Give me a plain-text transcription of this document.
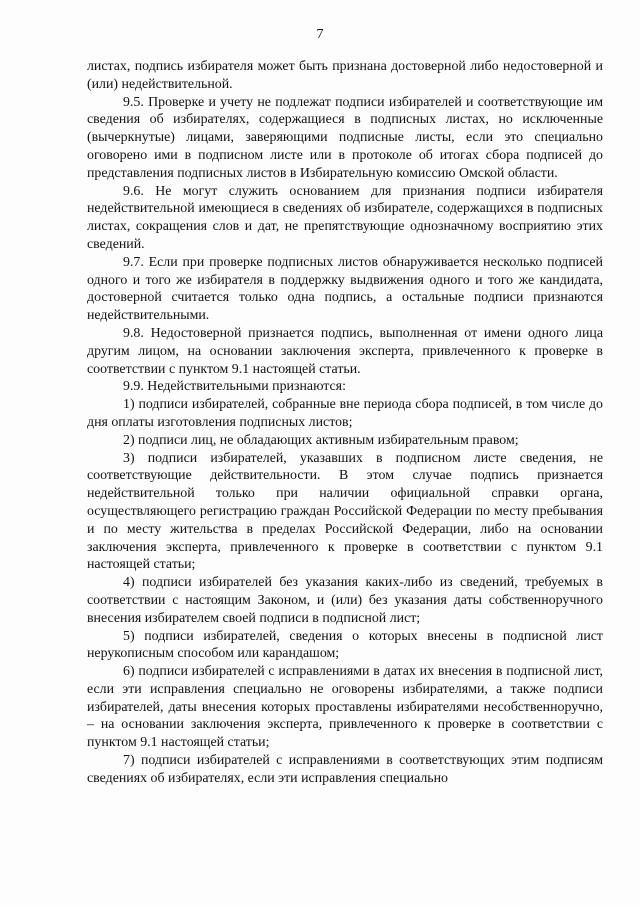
7

листах, подпись избирателя может быть признана достоверной либо недостоверной и (или) недействительной.

9.5. Проверке и учету не подлежат подписи избирателей и соответствующие им сведения об избирателях, содержащиеся в подписных листах, но исключенные (вычеркнутые) лицами, заверяющими подписные листы, если это специально оговорено ими в подписном листе или в протоколе об итогах сбора подписей до представления подписных листов в Избирательную комиссию Омской области.

9.6. Не могут служить основанием для признания подписи избирателя недействительной имеющиеся в сведениях об избирателе, содержащихся в подписных листах, сокращения слов и дат, не препятствующие однозначному восприятию этих сведений.

9.7. Если при проверке подписных листов обнаруживается несколько подписей одного и того же избирателя в поддержку выдвижения одного и того же кандидата, достоверной считается только одна подпись, а остальные подписи признаются недействительными.

9.8. Недостоверной признается подпись, выполненная от имени одного лица другим лицом, на основании заключения эксперта, привлеченного к проверке в соответствии с пунктом 9.1 настоящей статьи.

9.9. Недействительными признаются:

1) подписи избирателей, собранные вне периода сбора подписей, в том числе до дня оплаты изготовления подписных листов;

2) подписи лиц, не обладающих активным избирательным правом;

3) подписи избирателей, указавших в подписном листе сведения, не соответствующие действительности. В этом случае подпись признается недействительной только при наличии официальной справки органа, осуществляющего регистрацию граждан Российской Федерации по месту пребывания и по месту жительства в пределах Российской Федерации, либо на основании заключения эксперта, привлеченного к проверке в соответствии с пунктом 9.1 настоящей статьи;

4) подписи избирателей без указания каких-либо из сведений, требуемых в соответствии с настоящим Законом, и (или) без указания даты собственноручного внесения избирателем своей подписи в подписной лист;

5) подписи избирателей, сведения о которых внесены в подписной лист нерукописным способом или карандашом;

6) подписи избирателей с исправлениями в датах их внесения в подписной лист, если эти исправления специально не оговорены избирателями, а также подписи избирателей, даты внесения которых проставлены избирателями несобственноручно, – на основании заключения эксперта, привлеченного к проверке в соответствии с пунктом 9.1 настоящей статьи;

7) подписи избирателей с исправлениями в соответствующих этим подписям сведениях об избирателях, если эти исправления специально
